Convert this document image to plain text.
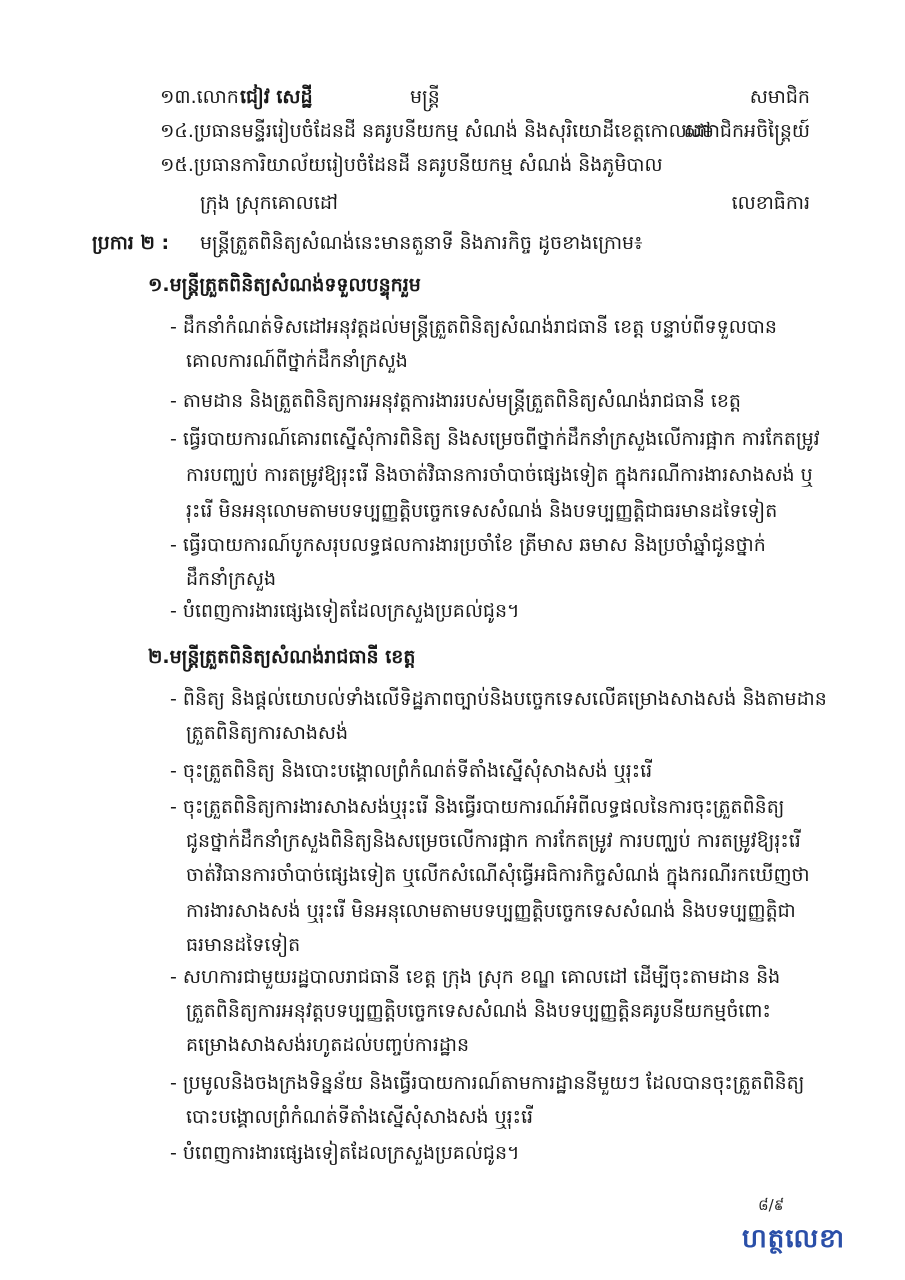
១៣.លោក ជៀវ សេដ្ឋី	មន្ត្រី	សមាជិក
១៤.ប្រធានមន្ទីររៀបចំដែនដី នគរូបនីយកម្ម សំណង់ និងសុរិយោដីខេត្តកោលដៅ
សមាជិកអចិន្ត្រៃយ៍
១៥.ប្រធានការិយាល័យរៀបចំដែនដី នគរូបនីយកម្ម សំណង់ និងភូមិបាល
ក្រុង ស្រុកគោលដៅ	លេខាធិការ
ប្រការ ២ : មន្ត្រីត្រួតពិនិត្យសំណង់នេះមានតួនាទី និងភារកិច្ច ដូចខាងក្រោម៖
១.មន្ត្រីត្រួតពិនិត្យសំណង់ទទួលបន្ទុករួម
- ដឹកនាំកំណត់ទិសដៅអនុវត្តដល់មន្ត្រីត្រួតពិនិត្យសំណង់រាជធានី ខេត្ត បន្ទាប់ពីទទួលបាន
គោលការណ៍ពីថ្នាក់ដឹកនាំក្រសួង
- តាមដាន និងត្រួតពិនិត្យការអនុវត្តការងាររបស់មន្ត្រីត្រួតពិនិត្យសំណង់រាជធានី ខេត្ត
- ធ្វើរបាយការណ៍គោរពស្នើសុំការពិនិត្យ និងសម្រេចពីថ្នាក់ដឹកនាំក្រសួងលើការផ្អាក ការកែតម្រូវ
ការបញ្ឈប់ ការតម្រូវឱ្យរុះរើ និងចាត់វិធានការចាំបាច់ផ្សេងទៀត ក្នុងករណីការងារសាងសង់ ឬ
រុះរើ មិនអនុលោមតាមបទប្បញ្ញត្តិបច្ចេកទេសសំណង់ និងបទប្បញ្ញត្តិជាធរមានដទៃទៀត
- ធ្វើរបាយការណ៍បូកសរុបលទ្ធផលការងារប្រចាំខែ ត្រីមាស ឆមាស និងប្រចាំឆ្នាំជូនថ្នាក់
ដឹកនាំក្រសួង
- បំពេញការងារផ្សេងទៀតដែលក្រសួងប្រគល់ជូន។
២.មន្ត្រីត្រួតពិនិត្យសំណង់រាជធានី ខេត្ត
- ពិនិត្យ និងផ្តល់យោបល់ទាំងលើទិដ្ឋភាពច្បាប់និងបច្ចេកទេសលើគម្រោងសាងសង់ និងតាមដាន
ត្រួតពិនិត្យការសាងសង់
- ចុះត្រួតពិនិត្យ និងបោះបង្គោលព្រំកំណត់ទីតាំងស្នើសុំសាងសង់ ឬរុះរើ
- ចុះត្រួតពិនិត្យការងារសាងសង់ឬរុះរើ និងធ្វើរបាយការណ៍អំពីលទ្ធផលនៃការចុះត្រួតពិនិត្យ
ជូនថ្នាក់ដឹកនាំក្រសួងពិនិត្យនិងសម្រេចលើការផ្អាក ការកែតម្រូវ ការបញ្ឈប់ ការតម្រូវឱ្យរុះរើ
ចាត់វិធានការចាំបាច់ផ្សេងទៀត ឬលើកសំណើសុំធ្វើអធិការកិច្ចសំណង់ ក្នុងករណីរកឃើញថា
ការងារសាងសង់ ឬរុះរើ មិនអនុលោមតាមបទប្បញ្ញត្តិបច្ចេកទេសសំណង់ និងបទប្បញ្ញត្តិជា
ធរមានដទៃទៀត
- សហការជាមួយរដ្ឋបាលរាជធានី ខេត្ត ក្រុង ស្រុក ខណ្ឌ គោលដៅ ដើម្បីចុះតាមដាន និង
ត្រួតពិនិត្យការអនុវត្តបទប្បញ្ញត្តិបច្ចេកទេសសំណង់ និងបទប្បញ្ញត្តិនគរូបនីយកម្មចំពោះ
គម្រោងសាងសង់រហូតដល់បញ្ចប់ការដ្ឋាន
- ប្រមូលនិងចងក្រងទិន្នន័យ និងធ្វើរបាយការណ៍តាមការដ្ឋាននីមួយៗ ដែលបានចុះត្រួតពិនិត្យ
បោះបង្គោលព្រំកំណត់ទីតាំងស្នើសុំសាងសង់ ឬរុះរើ
- បំពេញការងារផ្សេងទៀតដែលក្រសួងប្រគល់ជូន។
៨/៩
ហត្ថលេខា
